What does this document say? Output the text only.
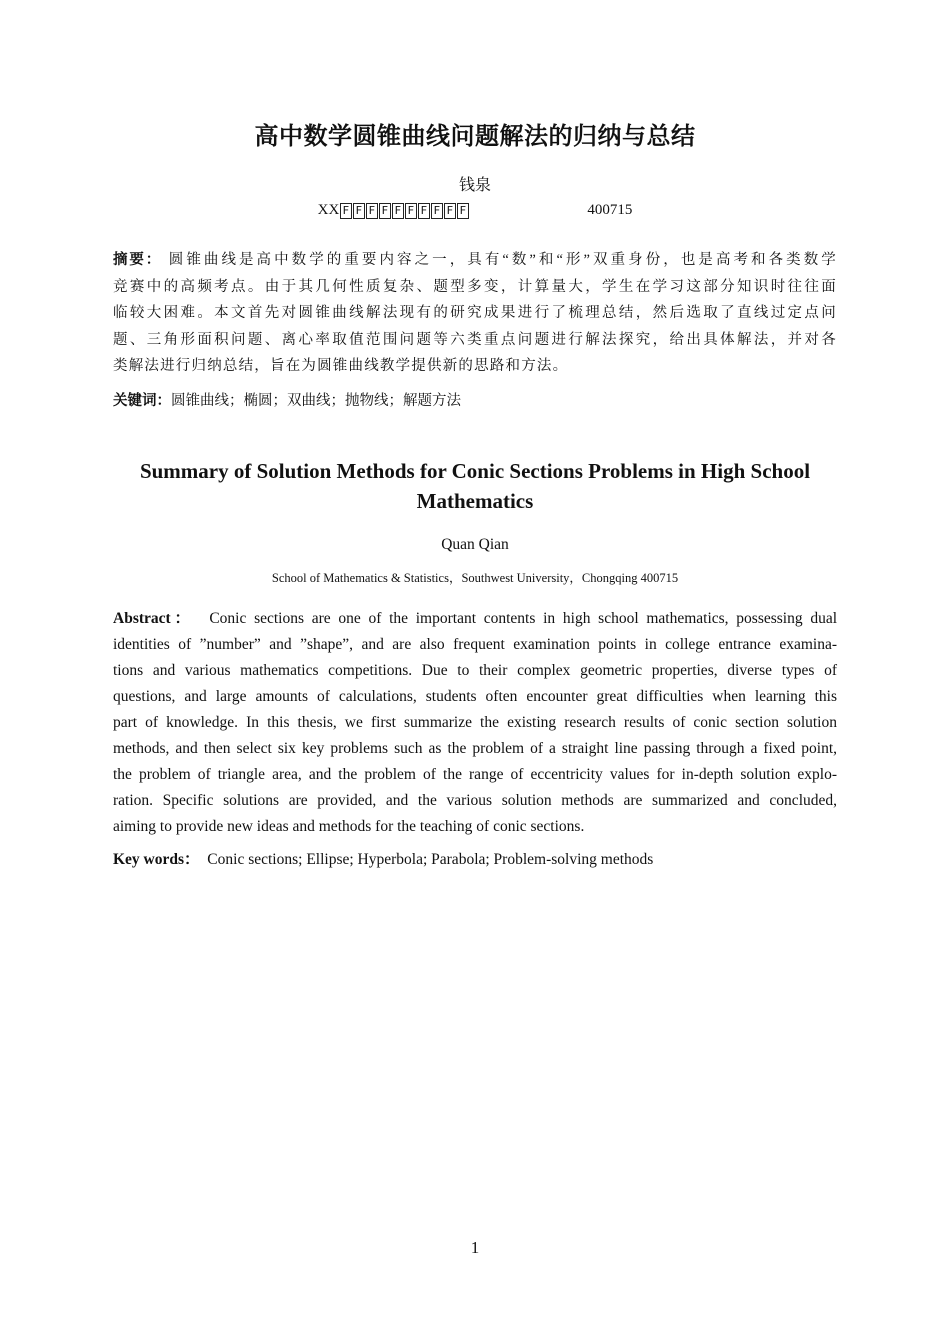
高中数学圆锥曲线问题解法的归纳与总结
钱泉
XX F F F F F F F F F F	400715
摘要： 圆锥曲线是高中数学的重要内容之一，具有“数”和“形”双重身份，也是高考和各类数学
竞赛中的高频考点。由于其几何性质复杂、题型多变，计算量大，学生在学习这部分知识时往往面
临较大困难。本文首先对圆锥曲线解法现有的研究成果进行了梳理总结，然后选取了直线过定点问
题、三角形面积问题、离心率取值范围问题等六类重点问题进行解法探究，给出具体解法，并对各
类解法进行归纳总结，旨在为圆锥曲线教学提供新的思路和方法。
关键词：圆锥曲线；椭圆；双曲线；抛物线；解题方法
Summary of Solution Methods for Conic Sections Problems in High School
Mathematics
Quan Qian
School of Mathematics & Statistics，Southwest University，Chongqing 400715
Abstract： Conic sections are one of the important contents in high school mathematics, possessing dual
identities of ”number” and ”shape”, and are also frequent examination points in college entrance examina-
tions and various mathematics competitions. Due to their complex geometric properties, diverse types of
questions, and large amounts of calculations, students often encounter great difficulties when learning this
part of knowledge. In this thesis, we first summarize the existing research results of conic section solution
methods, and then select six key problems such as the problem of a straight line passing through a fixed point,
the problem of triangle area, and the problem of the range of eccentricity values for in-depth solution explo-
ration. Specific solutions are provided, and the various solution methods are summarized and concluded,
aiming to provide new ideas and methods for the teaching of conic sections.
Key words： Conic sections; Ellipse; Hyperbola; Parabola; Problem-solving methods
1
